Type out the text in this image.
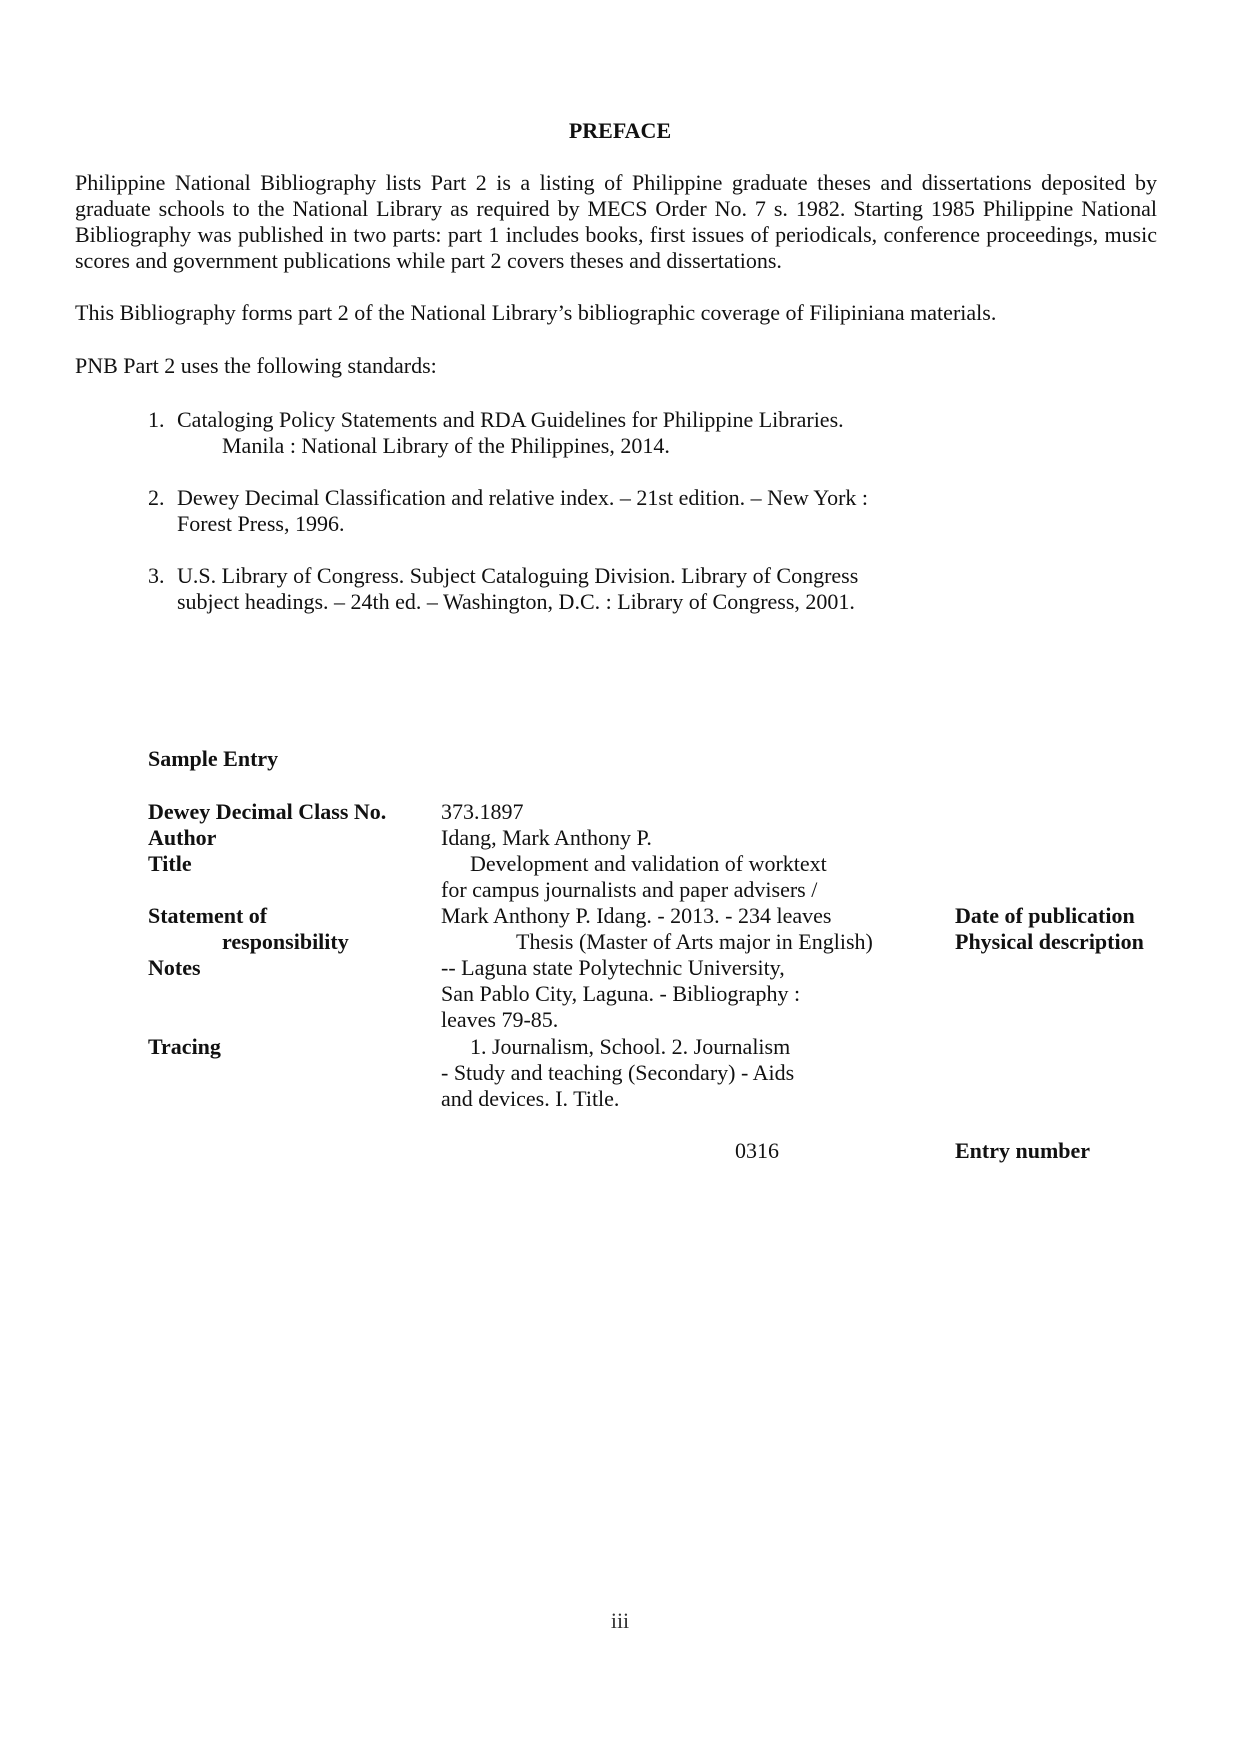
PREFACE

Philippine National Bibliography lists Part 2 is a listing of Philippine graduate theses and dissertations deposited by graduate schools to the National Library as required by MECS Order No. 7 s. 1982. Starting 1985 Philippine National Bibliography was published in two parts: part 1 includes books, first issues of periodicals, conference proceedings, music scores and government publications while part 2 covers theses and dissertations.

This Bibliography forms part 2 of the National Library’s bibliographic coverage of Filipiniana materials.

PNB Part 2 uses the following standards:

1. Cataloging Policy Statements and RDA Guidelines for Philippine Libraries.
Manila : National Library of the Philippines, 2014.
2. Dewey Decimal Classification and relative index. – 21st edition. – New York :
Forest Press, 1996.
3. U.S. Library of Congress. Subject Cataloguing Division. Library of Congress
subject headings. – 24th ed. – Washington, D.C. : Library of Congress, 2001.
Sample Entry
Dewey Decimal Class No.
Author
Title
Statement of
responsibility
Notes
Tracing
373.1897
Idang, Mark Anthony P.
Development and validation of worktext
for campus journalists and paper advisers /
Mark Anthony P. Idang. - 2013. - 234 leaves
Thesis (Master of Arts major in English)
-- Laguna state Polytechnic University,
San Pablo City, Laguna. - Bibliography :
leaves 79-85.
1. Journalism, School. 2. Journalism
- Study and teaching (Secondary) - Aids
and devices. I. Title.
Date of publication
Physical description
0316	Entry number
iii
